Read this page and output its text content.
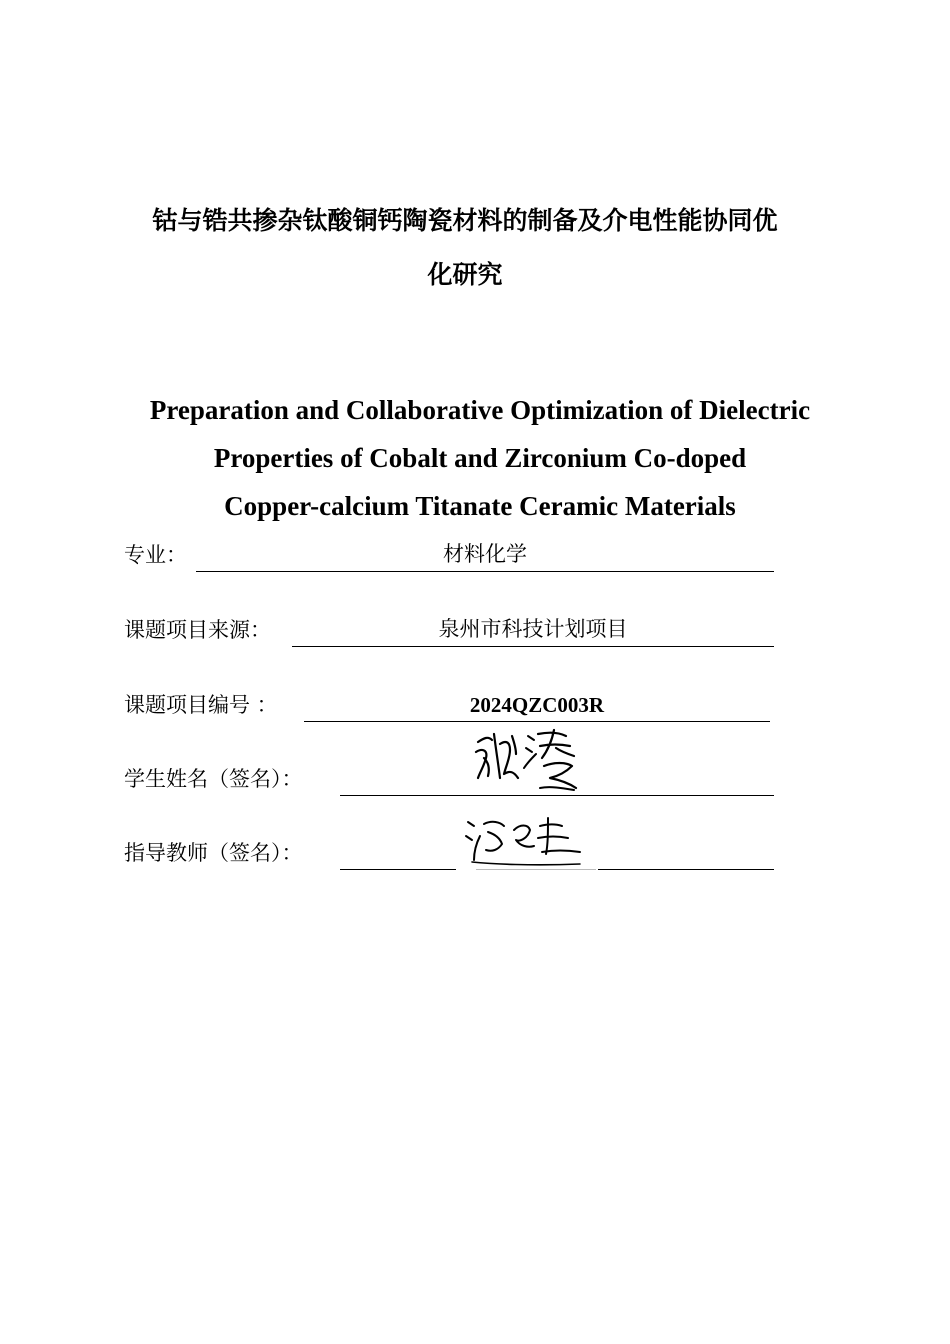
钴与锆共掺杂钛酸铜钙陶瓷材料的制备及介电性能协同优
化研究
Preparation and Collaborative Optimization of Dielectric
Properties of Cobalt and Zirconium Co-doped
Copper-calcium Titanate Ceramic Materials
专业：	材料化学
课题项目来源：	泉州市科技计划项目
课题项目编号 ：	2024QZC003R
学生姓名（签名）：
指导教师（签名）：
